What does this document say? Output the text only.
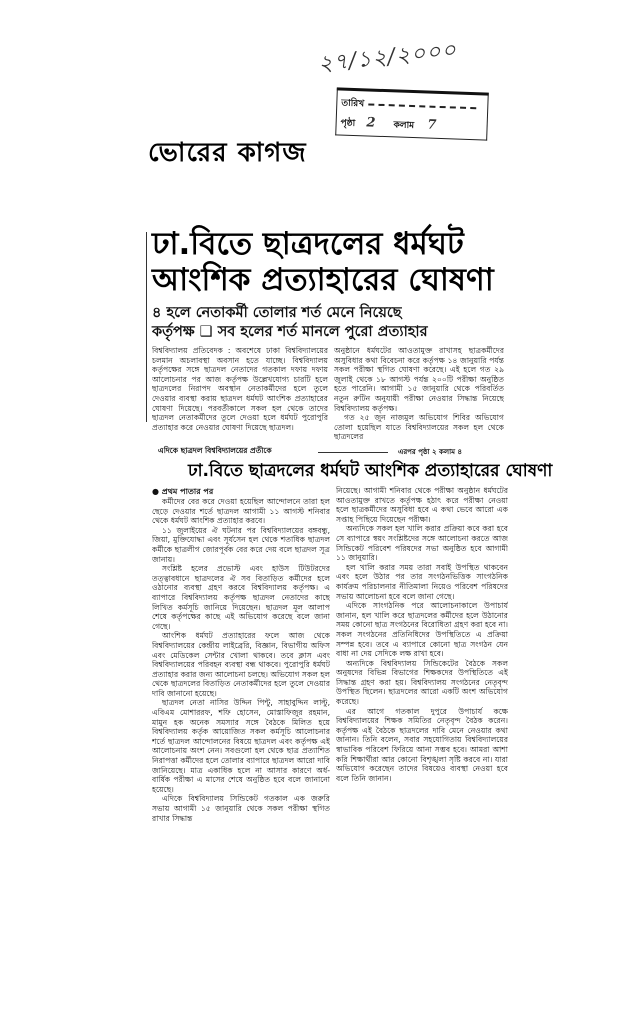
২৭/১২/২০০০
তারিখ
পৃষ্ঠা 2 কলাম 7
ভোরের কাগজ
ঢা.বিতে ছাত্রদলের ধর্মঘট
আংশিক প্রত্যাহারের ঘোষণা
৪ হলে নেতাকর্মী তোলার শর্ত মেনে নিয়েছে
কর্তৃপক্ষ ❑ সব হলের শর্ত মানলে পুরো প্রত্যাহার

বিশ্ববিদ্যালয় প্রতিবেদক : অবশেষে ঢাকা বিশ্ববিদ্যালয়ের চলমান অচলাবস্থা অবসান হতে যাচ্ছে। বিশ্ববিদ্যালয় কর্তৃপক্ষের সঙ্গে ছাত্রদল নেতাদের গতকাল দফায় দফায় আলোচনার পর আজ কর্তৃপক্ষ উল্লেখযোগ্য চারটি হলে ছাত্রদলের নিরাপদ অবস্থান নেতাকর্মীদের হলে তুলে দেওয়ার ব্যবস্থা করায় ছাত্রদল ধর্মঘট আংশিক প্রত্যাহারের ঘোষণা দিয়েছে। পরবর্তীকালে সকল হল থেকে তাদের ছাত্রদল নেতাকর্মীদের তুলে দেওয়া হলে ধর্মঘট পুরোপুরি প্রত্যাহার করে নেওয়ার ঘোষণা দিয়েছে ছাত্রদল।

এদিকে ছাত্রদল বিশ্ববিদ্যালয়ের প্রতীকে

অনুষ্ঠানে ধর্মঘটের আওতামুক্ত রাখাসহ ছাত্রকর্মীদের অসুবিধার কথা বিবেচনা করে কর্তৃপক্ষ ১৪ জানুয়ারি পর্যন্ত সকল পরীক্ষা স্থগিত ঘোষণা করেছে। এই হলে গত ২৯ জুলাই থেকে ১৮ আগস্ট পর্যন্ত ২০০টি পরীক্ষা অনুষ্ঠিত হতে পারেনি। আগামী ১৫ জানুয়ারি থেকে পরিবর্তিত নতুন রুটিন অনুযায়ী পরীক্ষা নেওয়ার সিদ্ধান্ত নিয়েছে বিশ্ববিদ্যালয় কর্তৃপক্ষ।

গত ২৫ জুন নাজমুল অভিযোগ শিবির অভিযোগ তোলা হয়েছিল যাতে বিশ্ববিদ্যালয়ের সকল হল থেকে ছাত্রদলের

এরপর পৃষ্ঠা ২ কলাম ৪
ঢা.বিতে ছাত্রদলের ধর্মঘট আংশিক প্রত্যাহারের ঘোষণা
● প্রথম পাতার পর

কর্মীদের বের করে দেওয়া হয়েছিল আন্দোলনে তারা হল ছেড়ে দেওয়ার শর্তে ছাত্রদল আগামী ১১ আগস্ট শনিবার থেকে ধর্মঘট আংশিক প্রত্যাহার করবে।

১১ জুলাইয়ের ঐ ঘটনার পর বিশ্ববিদ্যালয়ের বঙ্গবন্ধু, জিয়া, মুক্তিযোদ্ধা এবং সূর্যসেন হল থেকে শতাধিক ছাত্রদল কর্মীকে ছাত্রলীগ জোরপূর্বক বের করে দেয় বলে ছাত্রদল সূত্র জানায়।

সংশ্লিষ্ট হলের প্রভোস্ট এবং হাউস টিউটরদের তত্ত্বাবধানে ছাত্রদলের ঐ সব বিতাড়িত কর্মীদের হলে ওঠানোর ব্যবস্থা গ্রহণ করবে বিশ্ববিদ্যালয় কর্তৃপক্ষ। এ ব্যাপারে বিশ্ববিদ্যালয় কর্তৃপক্ষ ছাত্রদল নেতাদের কাছে লিখিত কর্মসূচি জানিয়ে দিয়েছেন। ছাত্রদল মূল আলাপ শেষে কর্তৃপক্ষের কাছে এই অভিযোগ করেছে বলে জানা গেছে।

আংশিক ধর্মঘট প্রত্যাহারের ফলে আজ থেকে বিশ্ববিদ্যালয়ের কেন্দ্রীয় লাইব্রেরি, বিজ্ঞান, বিভাগীয় অফিস এবং মেডিকেল সেন্টার খোলা থাকবে। তবে ক্লাস এবং বিশ্ববিদ্যালয়ের পরিবহন ব্যবস্থা বন্ধ থাকবে। পুরোপুরি ধর্মঘট প্রত্যাহার করার জন্য আলোচনা চলছে। অভিযোগ সকল হল থেকে ছাত্রদলের বিতাড়িত নেতাকর্মীদের হলে তুলে দেওয়ার দাবি জানানো হয়েছে।

ছাত্রদল নেতা নাসির উদ্দিন পিন্টু, সাহাবুদ্দিন লাল্টু, এবিএম মোশাররফ, শফি হোসেন, মোস্তাফিজুর রহমান, মামুন হক অনেক সমস্যার সঙ্গে বৈঠকে মিলিত হয়ে বিশ্ববিদ্যালয় কর্তৃক আয়োজিত সকল কর্মসূচি আলোচনার শর্তে ছাত্রদল আন্দোলনের বিষয়ে ছাত্রদল এবং কর্তৃপক্ষ এই আলোচনায় অংশ নেন। সবগুলো হল থেকে ছাত্র প্রত্যাশিত নিরাপত্তা কর্মীদের হলে তোলার ব্যাপারে ছাত্রদল আরো দাবি জানিয়েছে। মাত্র একাধিক হলে না আসার কারণে অর্ধ-বার্ষিক পরীক্ষা এ মাসের শেষে অনুষ্ঠিত হবে বলে জানানো হয়েছে।

এদিকে বিশ্ববিদ্যালয় সিন্ডিকেট গতকাল এক জরুরি সভায় আগামী ১৫ জানুয়ারি থেকে সকল পরীক্ষা স্থগিত রাখার সিদ্ধান্ত

নিয়েছে। আগামী শনিবার থেকে পরীক্ষা অনুষ্ঠান ধর্মঘটের আওতামুক্ত রাখতে কর্তৃপক্ষ হঠাৎ করে পরীক্ষা নেওয়া হলে ছাত্রকর্মীদের অসুবিধা হবে এ কথা ভেবে আরো এক সপ্তাহ পিছিয়ে দিয়েছেন পরীক্ষা।

অন্যদিকে সকল হল খালি করার প্রক্রিয়া কবে করা হবে সে ব্যাপারে স্বয়ং সংশ্লিষ্টদের সঙ্গে আলোচনা করতে আজ সিন্ডিকেট পরিবেশ পরিষদের সভা অনুষ্ঠিত হবে আগামী ১১ জানুয়ারি।

হল খালি করার সময় তারা সবাই উপস্থিত থাকবেন এবং হলে উঠার পর তার সংগঠনভিত্তিক সাংগঠনিক কার্যক্রম পরিচালনার নীতিমালা নিয়েও পরিবেশ পরিষদের সভায় আলোচনা হবে বলে জানা গেছে।

এদিকে সাংগঠনিক পরে আলোচনাকালে উপাচার্য জানান, হল খালি করে ছাত্রদলের কর্মীদের হলে উঠানোর সময় কোনো ছাত্র সংগঠনের বিরোধিতা গ্রহণ করা হবে না। সকল সংগঠনের প্রতিনিধিদের উপস্থিতিতে এ প্রক্রিয়া সম্পন্ন হবে। তবে এ ব্যাপারে কোনো ছাত্র সংগঠন যেন বাধা না দেয় সেদিকে লক্ষ রাখা হবে।

অন্যদিকে বিশ্ববিদ্যালয় সিন্ডিকেটের বৈঠকে সকল অনুষদের বিভিন্ন বিভাগের শিক্ষকদের উপস্থিতিতে এই সিদ্ধান্ত গ্রহণ করা হয়। বিশ্ববিদ্যালয় সংগঠনের নেতৃবৃন্দ উপস্থিত ছিলেন। ছাত্রদলের আরো একটি অংশ অভিযোগ করেছে।

এর আগে গতকাল দুপুরে উপাচার্য কক্ষে বিশ্ববিদ্যালয়ের শিক্ষক সমিতির নেতৃবৃন্দ বৈঠক করেন। কর্তৃপক্ষ এই বৈঠকে ছাত্রদলের দাবি মেনে নেওয়ার কথা জানান। তিনি বলেন, সবার সহযোগিতায় বিশ্ববিদ্যালয়ের স্বাভাবিক পরিবেশ ফিরিয়ে আনা সম্ভব হবে। আমরা আশা করি শিক্ষার্থীরা আর কোনো বিশৃঙ্খলা সৃষ্টি করবে না। যারা অভিযোগ করেছেন তাদের বিষয়েও ব্যবস্থা নেওয়া হবে বলে তিনি জানান।
